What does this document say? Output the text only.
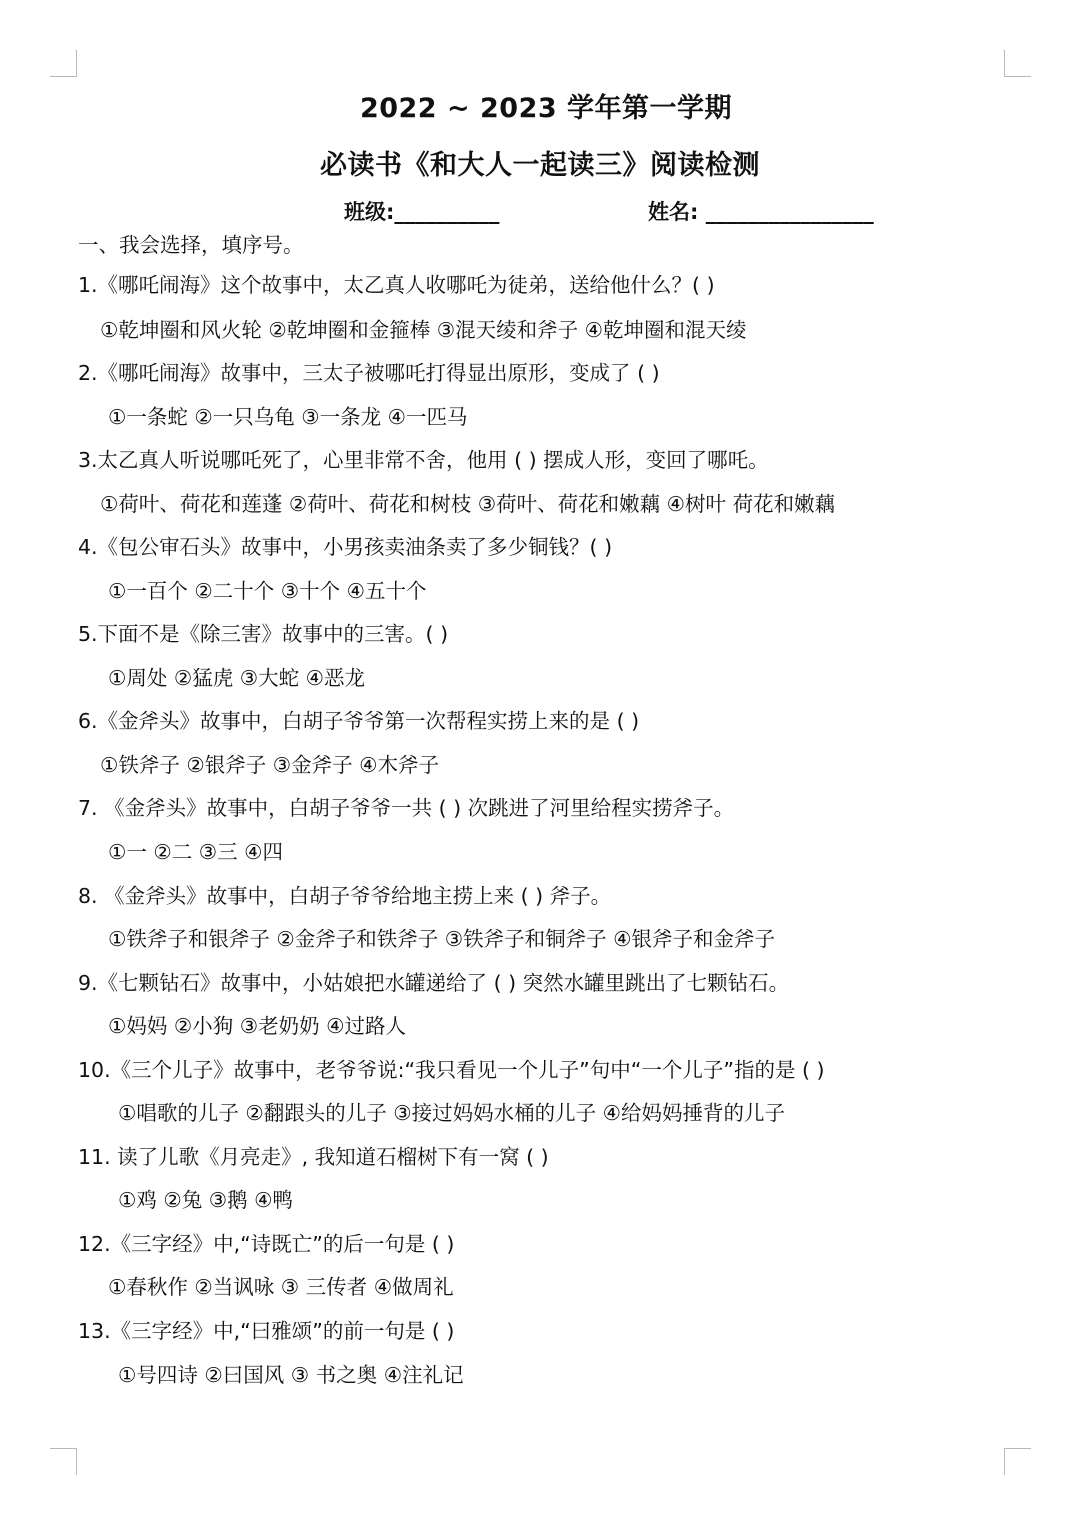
2022 ~ 2023 学年第一学期
必读书《和大人一起读三》阅读检测
班级:__________	姓名: ________________
一、我会选择，填序号。
1.《哪吒闹海》这个故事中，太乙真人收哪吒为徒弟，送给他什么？( )
①乾坤圈和风火轮 ②乾坤圈和金箍棒 ③混天绫和斧子 ④乾坤圈和混天绫
2.《哪吒闹海》故事中，三太子被哪吒打得显出原形，变成了 ( )
①一条蛇 ②一只乌龟 ③一条龙 ④一匹马
3.太乙真人听说哪吒死了，心里非常不舍，他用 ( ) 摆成人形，变回了哪吒。
①荷叶、荷花和莲蓬 ②荷叶、荷花和树枝 ③荷叶、荷花和嫩藕 ④树叶 荷花和嫩藕
4.《包公审石头》故事中，小男孩卖油条卖了多少铜钱？( )
①一百个 ②二十个 ③十个 ④五十个
5.下面不是《除三害》故事中的三害。( )
①周处 ②猛虎 ③大蛇 ④恶龙
6.《金斧头》故事中，白胡子爷爷第一次帮程实捞上来的是 ( )
①铁斧子 ②银斧子 ③金斧子 ④木斧子
7. 《金斧头》故事中，白胡子爷爷一共 ( ) 次跳进了河里给程实捞斧子。
①一 ②二 ③三 ④四
8. 《金斧头》故事中，白胡子爷爷给地主捞上来 ( ) 斧子。
①铁斧子和银斧子 ②金斧子和铁斧子 ③铁斧子和铜斧子 ④银斧子和金斧子
9.《七颗钻石》故事中，小姑娘把水罐递给了 ( ) 突然水罐里跳出了七颗钻石。
①妈妈 ②小狗 ③老奶奶 ④过路人
10.《三个儿子》故事中，老爷爷说:“我只看见一个儿子”句中“一个儿子”指的是 ( )
①唱歌的儿子 ②翻跟头的儿子 ③接过妈妈水桶的儿子 ④给妈妈捶背的儿子
11. 读了儿歌《月亮走》, 我知道石榴树下有一窝 ( )
①鸡 ②兔 ③鹅 ④鸭
12.《三字经》中,“诗既亡”的后一句是 ( )
①春秋作 ②当讽咏 ③ 三传者 ④做周礼
13.《三字经》中,“曰雅颂”的前一句是 ( )
①号四诗 ②曰国风 ③ 书之奥 ④注礼记
